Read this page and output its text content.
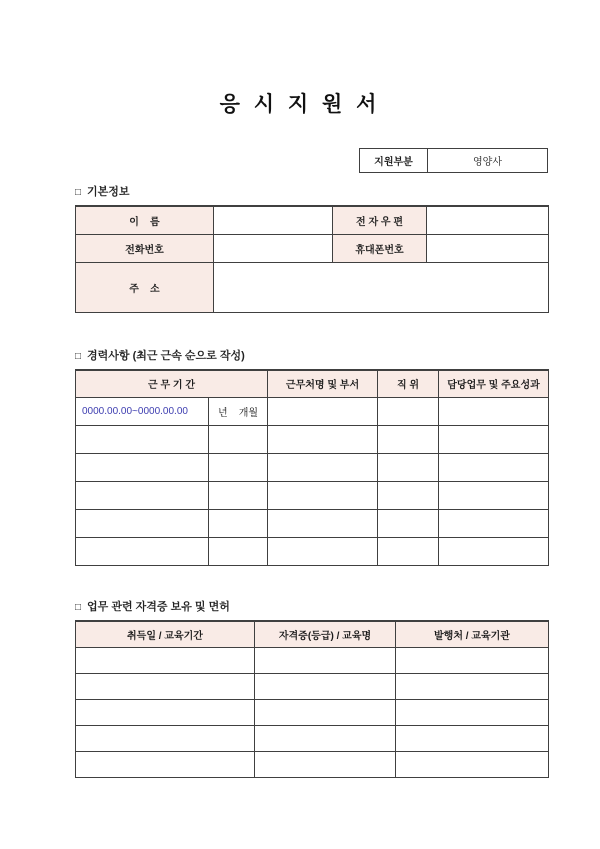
응 시 지 원 서
지원부분	영양사
□ 기본정보
이    름		전 자 우 편	
전화번호		휴대폰번호	
주    소			
□ 경력사항 (최근 근속 순으로 작성)
근 무 기 간		근무처명 및 부서	직 위	담당업무 및 주요성과
0000.00.00~0000.00.00	년    개월			

□ 업무 관련 자격증 보유 및 면허
취득일 / 교육기간	자격증(등급) / 교육명	발행처 / 교육기관
